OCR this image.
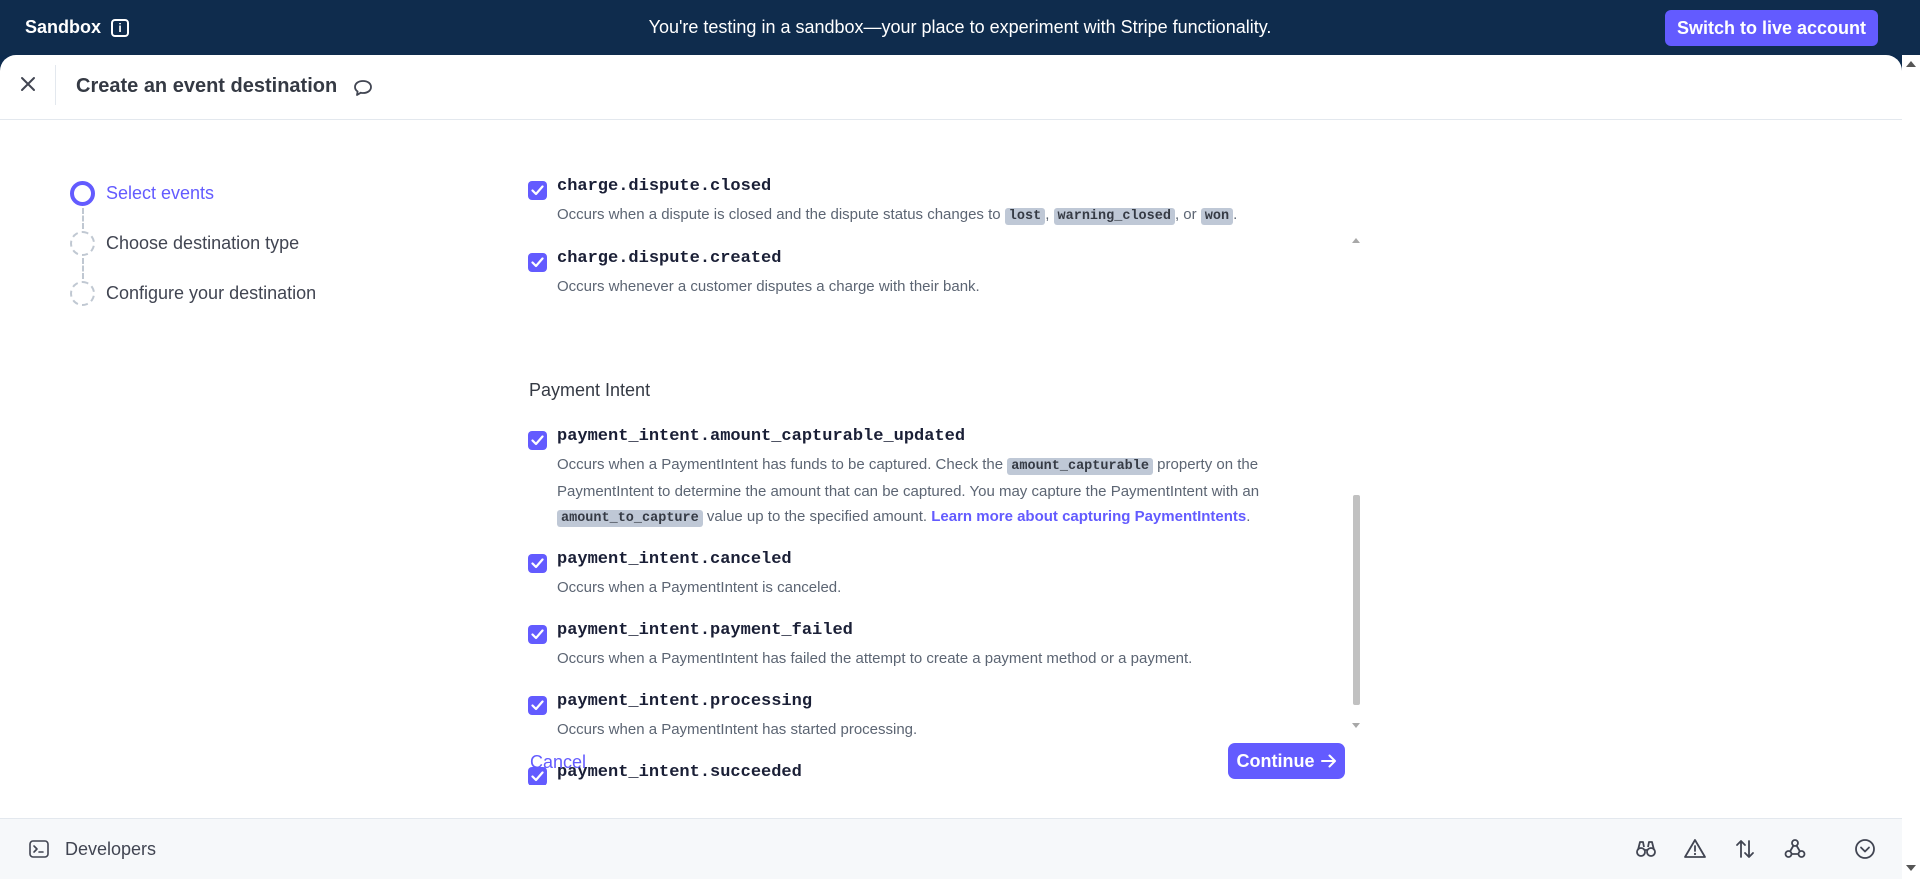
Sandbox	i	You're testing in a sandbox—your place to experiment with Stripe functionality.	Switch to live account
Create an event destination
Select events
Choose destination type
Configure your destination
charge.dispute.closed
Occurs when a dispute is closed and the dispute status changes to lost , warning_closed , or won .
charge.dispute.created
Occurs whenever a customer disputes a charge with their bank.
Payment Intent
payment_intent.amount_capturable_updated
Occurs when a PaymentIntent has funds to be captured. Check the amount_capturable property on the PaymentIntent to determine the amount that can be captured. You may capture the PaymentIntent with an amount_to_capture value up to the specified amount. Learn more about capturing PaymentIntents.
payment_intent.canceled
Occurs when a PaymentIntent is canceled.
payment_intent.payment_failed
Occurs when a PaymentIntent has failed the attempt to create a payment method or a payment.
payment_intent.processing
Occurs when a PaymentIntent has started processing.
payment_intent.succeeded
Cancel
Developers
Continue
